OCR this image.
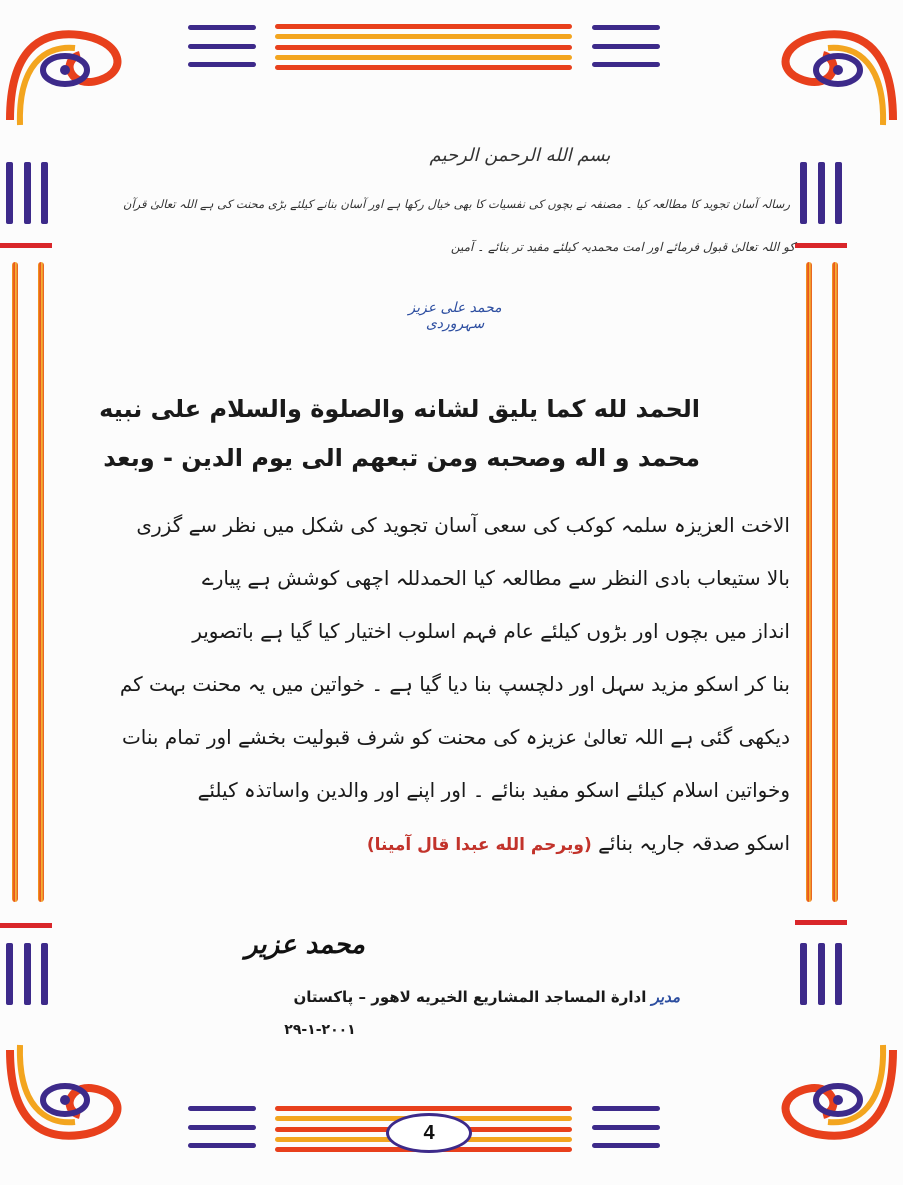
بسم الله الرحمن الرحیم
رسالہ آسان تجوید کا مطالعہ کیا ۔ مصنفہ نے بچوں کی نفسیات کا بھی خیال رکھا ہے اور آسان بنانے کیلئے بڑی محنت کی ہے اللہ تعالیٰ قرآن
کو اللہ تعالیٰ قبول فرمائے اور امت محمدیہ کیلئے مفید تر بنائے ۔ آمین
محمد علی عزیز سہروردی
الحمد لله كما يليق لشانه والصلوة والسلام على نبيه
محمد و اله وصحبه ومن تبعهم الى يوم الدين - وبعد
الاخت العزیزہ سلمہ کوکب کی سعی آسان تجوید کی شکل میں نظر سے گزری
بالا ستیعاب بادی النظر سے مطالعہ کیا الحمدللہ اچھی کوشش ہے پیارے
انداز میں بچوں اور بڑوں کیلئے عام فہم اسلوب اختیار کیا گیا ہے باتصویر
بنا کر اسکو مزید سہل اور دلچسپ بنا دیا گیا ہے ۔ خواتین میں یہ محنت بہت کم
دیکھی گئی ہے اللہ تعالیٰ عزیزہ کی محنت کو شرف قبولیت بخشے اور تمام بنات
وخواتین اسلام کیلئے اسکو مفید بنائے ۔ اور اپنے اور والدین واساتذہ کیلئے
اسکو صدقہ جاریہ بنائے (ويرحم الله عبدا قال آمينا)
محمد عزیر
مدیر ادارة المساجد المشاريع الخيريه لاهور – پاکستان
۲۹-۱-۲۰۰۱
4
